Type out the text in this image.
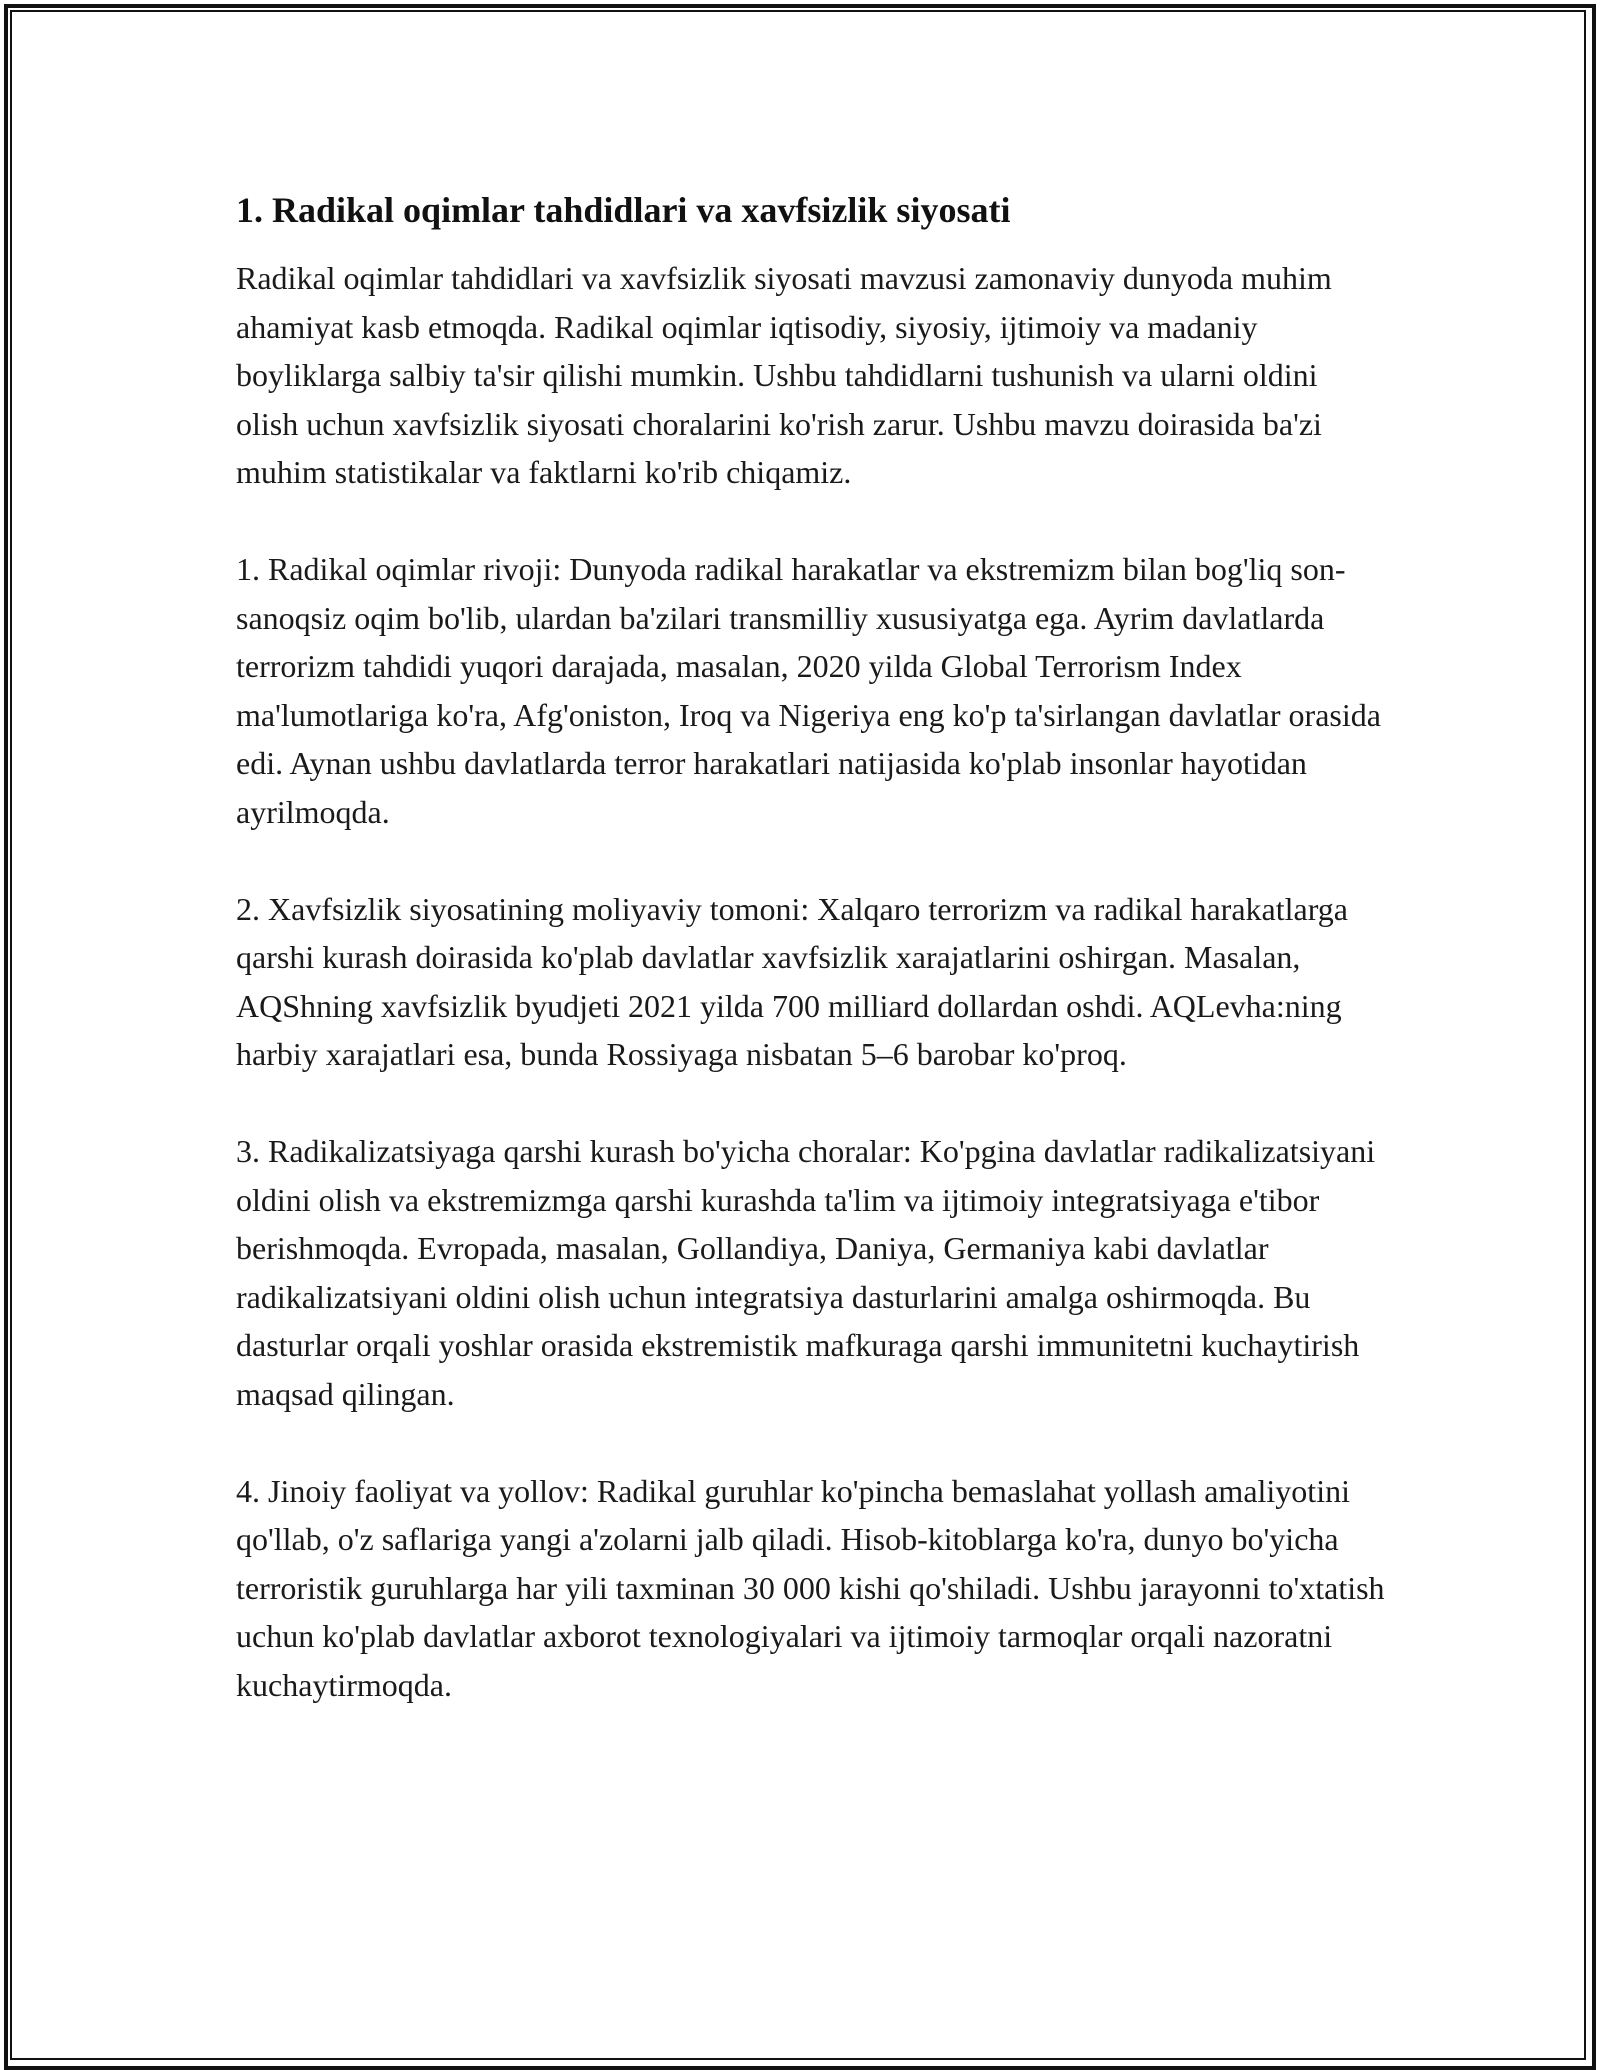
1. Radikal oqimlar tahdidlari va xavfsizlik siyosati

Radikal oqimlar tahdidlari va xavfsizlik siyosati mavzusi zamonaviy dunyoda muhim ahamiyat kasb etmoqda. Radikal oqimlar iqtisodiy, siyosiy, ijtimoiy va madaniy boyliklarga salbiy ta'sir qilishi mumkin. Ushbu tahdidlarni tushunish va ularni oldini olish uchun xavfsizlik siyosati choralarini ko'rish zarur. Ushbu mavzu doirasida ba'zi muhim statistikalar va faktlarni ko'rib chiqamiz.

1. Radikal oqimlar rivoji: Dunyoda radikal harakatlar va ekstremizm bilan bog'liq son-sanoqsiz oqim bo'lib, ulardan ba'zilari transmilliy xususiyatga ega. Ayrim davlatlarda terrorizm tahdidi yuqori darajada, masalan, 2020 yilda Global Terrorism Index ma'lumotlariga ko'ra, Afg'oniston, Iroq va Nigeriya eng ko'p ta'sirlangan davlatlar orasida edi. Aynan ushbu davlatlarda terror harakatlari natijasida ko'plab insonlar hayotidan ayrilmoqda.

2. Xavfsizlik siyosatining moliyaviy tomoni: Xalqaro terrorizm va radikal harakatlarga qarshi kurash doirasida ko'plab davlatlar xavfsizlik xarajatlarini oshirgan. Masalan, AQShning xavfsizlik byudjeti 2021 yilda 700 milliard dollardan oshdi. AQLevha:ning harbiy xarajatlari esa, bunda Rossiyaga nisbatan 5–6 barobar ko'proq.

3. Radikalizatsiyaga qarshi kurash bo'yicha choralar: Ko'pgina davlatlar radikalizatsiyani oldini olish va ekstremizmga qarshi kurashda ta'lim va ijtimoiy integratsiyaga e'tibor berishmoqda. Evropada, masalan, Gollandiya, Daniya, Germaniya kabi davlatlar radikalizatsiyani oldini olish uchun integratsiya dasturlarini amalga oshirmoqda. Bu dasturlar orqali yoshlar orasida ekstremistik mafkuraga qarshi immunitetni kuchaytirish maqsad qilingan.

4. Jinoiy faoliyat va yollov: Radikal guruhlar ko'pincha bemaslahat yollash amaliyotini qo'llab, o'z saflariga yangi a'zolarni jalb qiladi. Hisob-kitoblarga ko'ra, dunyo bo'yicha terroristik guruhlarga har yili taxminan 30 000 kishi qo'shiladi. Ushbu jarayonni to'xtatish uchun ko'plab davlatlar axborot texnologiyalari va ijtimoiy tarmoqlar orqali nazoratni kuchaytirmoqda.
